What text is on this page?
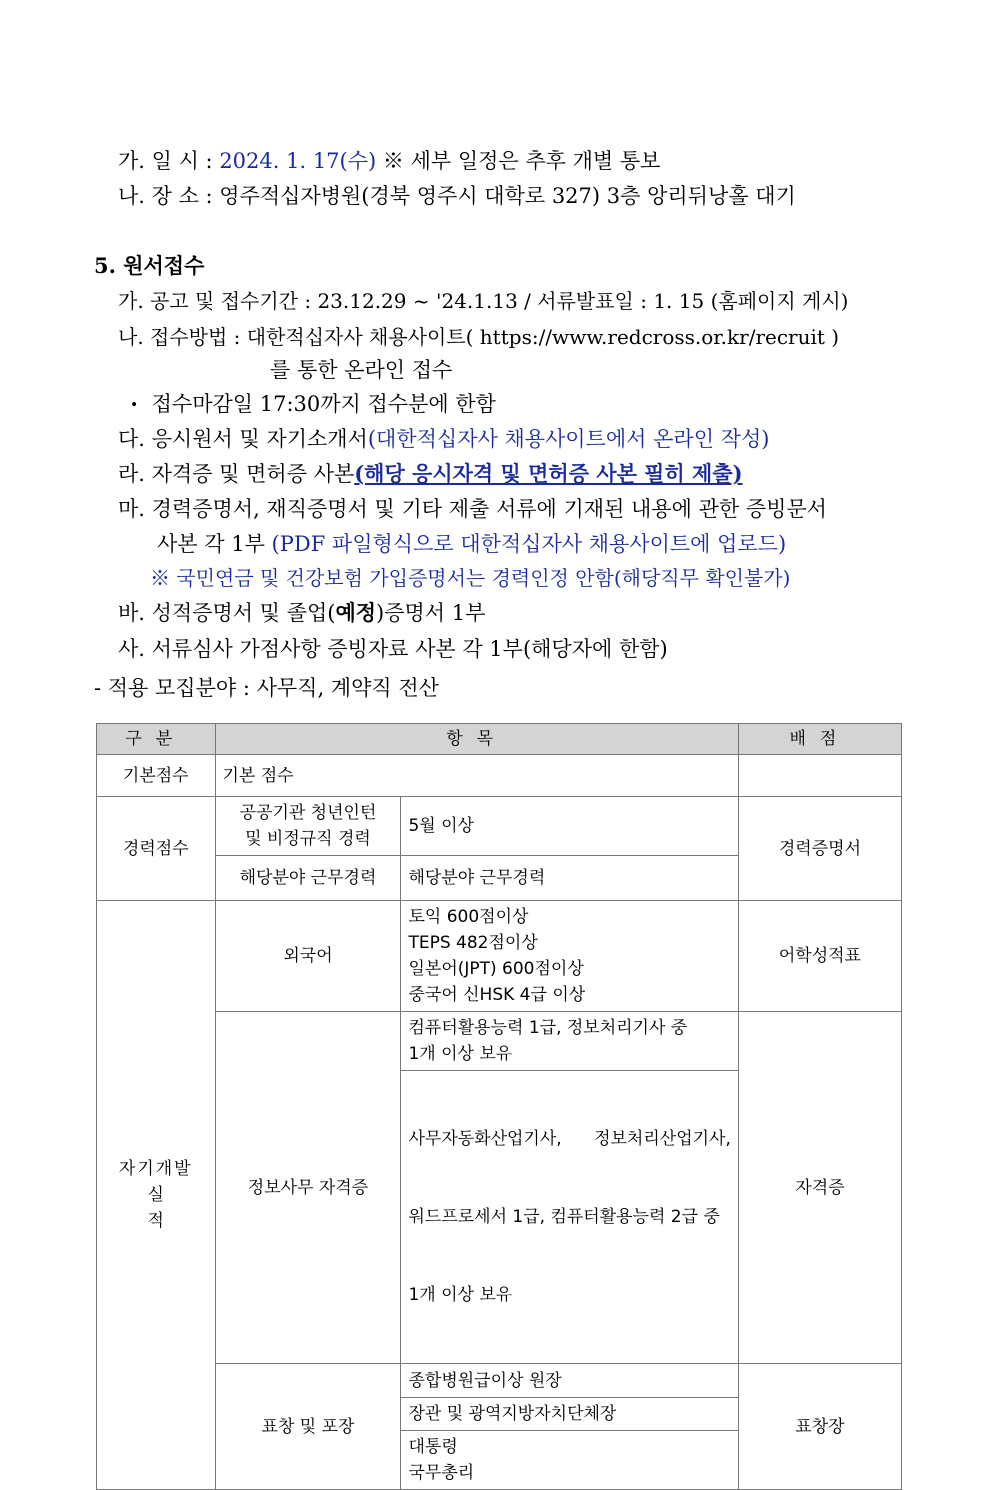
가. 일 시 : 2024. 1. 17(수) ※ 세부 일정은 추후 개별 통보
나. 장 소 : 영주적십자병원(경북 영주시 대학로 327) 3층 앙리뒤낭홀 대기
5. 원서접수
가. 공고 및 접수기간 : 23.12.29 ~ '24.1.13 / 서류발표일 : 1. 15 (홈페이지 게시)
나. 접수방법 : 대한적십자사 채용사이트( https://www.redcross.or.kr/recruit )
를 통한 온라인 접수
• 접수마감일 17:30까지 접수분에 한함
다. 응시원서 및 자기소개서(대한적십자사 채용사이트에서 온라인 작성)
라. 자격증 및 면허증 사본(해당 응시자격 및 면허증 사본 필히 제출)
마. 경력증명서, 재직증명서 및 기타 제출 서류에 기재된 내용에 관한 증빙문서
사본 각 1부 (PDF 파일형식으로 대한적십자사 채용사이트에 업로드)
※ 국민연금 및 건강보험 가입증명서는 경력인정 안함(해당직무 확인불가)
바. 성적증명서 및 졸업(예정)증명서 1부
사. 서류심사 가점사항 증빙자료 사본 각 1부(해당자에 한함)
- 적용 모집분야 : 사무직, 계약직 전산
구분	항목		배점
기본점수	기본 점수		
경력점수	공공기관 청년인턴
및 비정규직 경력	5월 이상	경력증명서
	해당분야 근무경력	해당분야 근무경력	

자기개발
실
적	외국어	토익 600점이상
TEPS 482점이상
일본어(JPT) 600점이상
중국어 신HSK 4급 이상	어학성적표
	정보사무 자격증	컴퓨터활용능력 1급, 정보처리기사 중
1개 이상 보유	자격증

		사무자동화산업기사,      정보처리산업기사,

워드프로세서 1급, 컴퓨터활용능력 2급 중

1개 이상 보유	

	표창 및 포장	종합병원급이상 원장	표창장
		장관 및 광역지방자치단체장	

		대통령
국무총리	
